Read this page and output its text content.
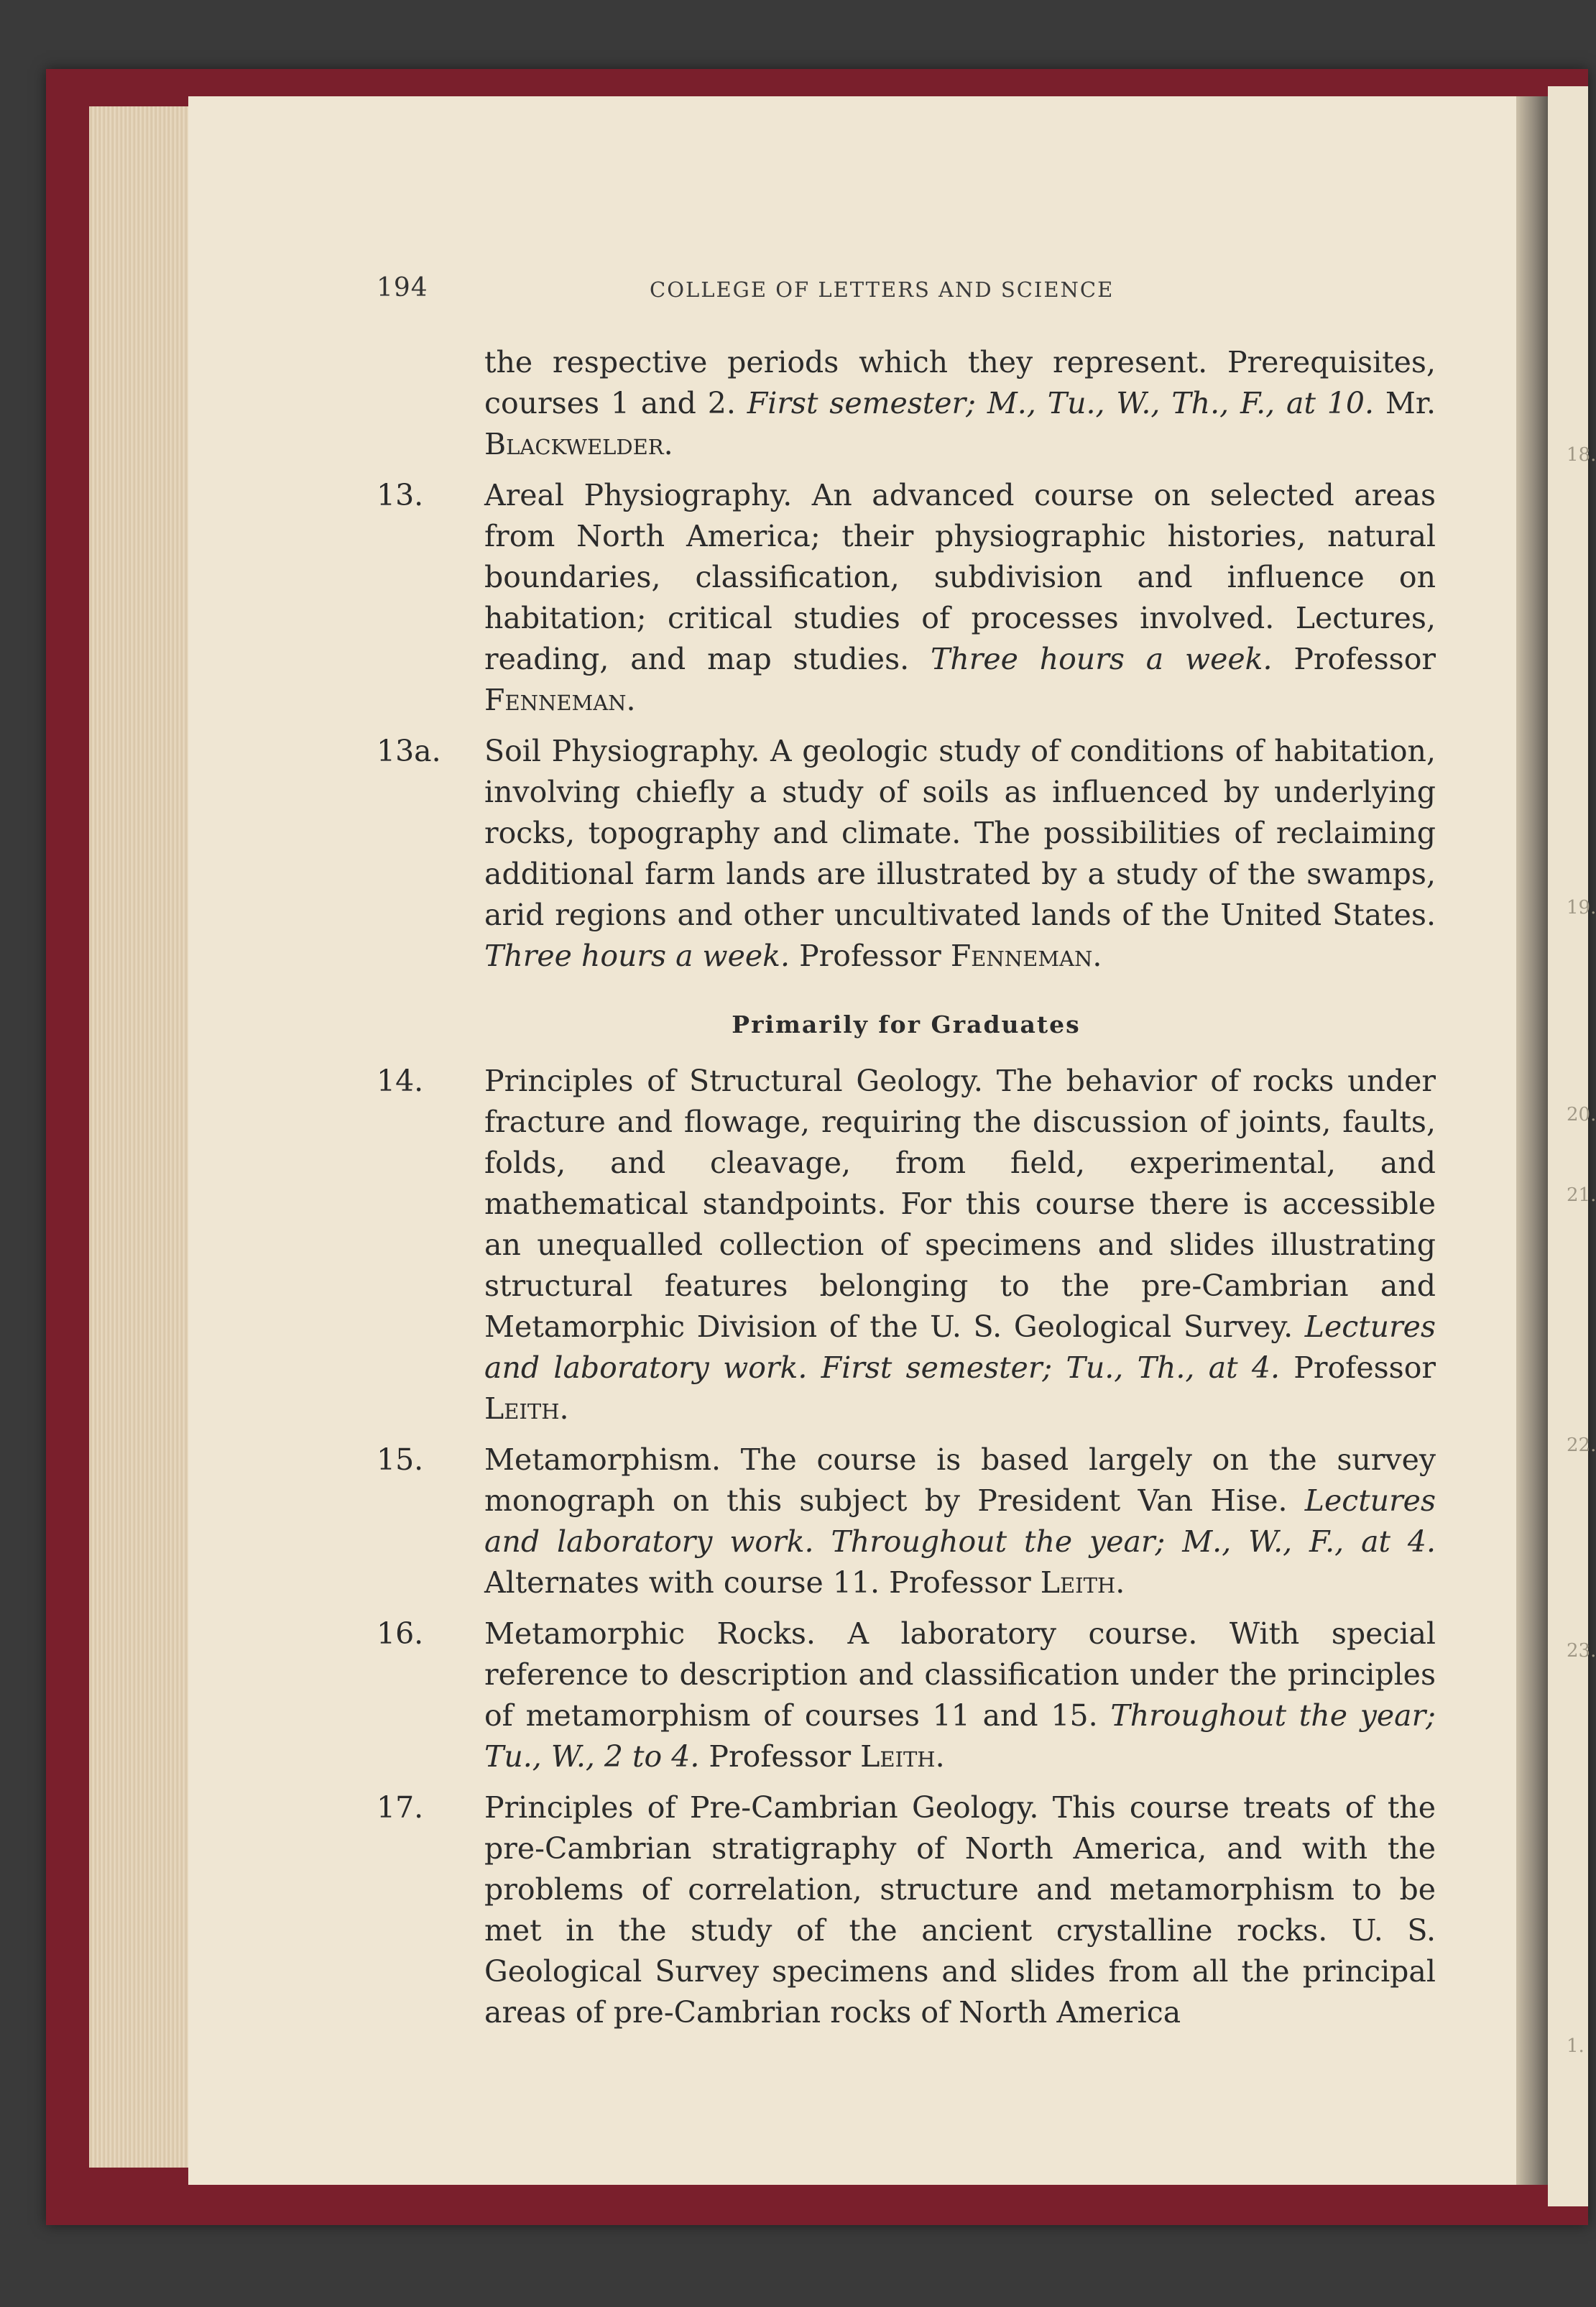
18.
19.
20.
21.
22.
23.
1.
194	COLLEGE OF LETTERS AND SCIENCE

the respective periods which they represent. Prerequisites, courses 1 and 2. First semester; M., Tu., W., Th., F., at 10. Mr. Blackwelder.

13. Areal Physiography. An advanced course on selected areas from North America; their physiographic histories, natural boundaries, classification, subdivision and influence on habitation; critical studies of processes involved. Lectures, reading, and map studies. Three hours a week. Professor Fenneman.

13a. Soil Physiography. A geologic study of conditions of habitation, involving chiefly a study of soils as influenced by underlying rocks, topography and climate. The possibilities of reclaiming additional farm lands are illustrated by a study of the swamps, arid regions and other uncultivated lands of the United States. Three hours a week. Professor Fenneman.

Primarily for Graduates

14. Principles of Structural Geology. The behavior of rocks under fracture and flowage, requiring the discussion of joints, faults, folds, and cleavage, from field, experimental, and mathematical standpoints. For this course there is accessible an unequalled collection of specimens and slides illustrating structural features belonging to the pre-Cambrian and Metamorphic Division of the U. S. Geological Survey. Lectures and laboratory work. First semester; Tu., Th., at 4. Professor Leith.

15. Metamorphism. The course is based largely on the survey monograph on this subject by President Van Hise. Lectures and laboratory work. Throughout the year; M., W., F., at 4. Alternates with course 11. Professor Leith.

16. Metamorphic Rocks. A laboratory course. With special reference to description and classification under the principles of metamorphism of courses 11 and 15. Throughout the year; Tu., W., 2 to 4. Professor Leith.

17. Principles of Pre-Cambrian Geology. This course treats of the pre-Cambrian stratigraphy of North America, and with the problems of correlation, structure and metamorphism to be met in the study of the ancient crystalline rocks. U. S. Geological Survey specimens and slides from all the principal areas of pre-Cambrian rocks of North America
